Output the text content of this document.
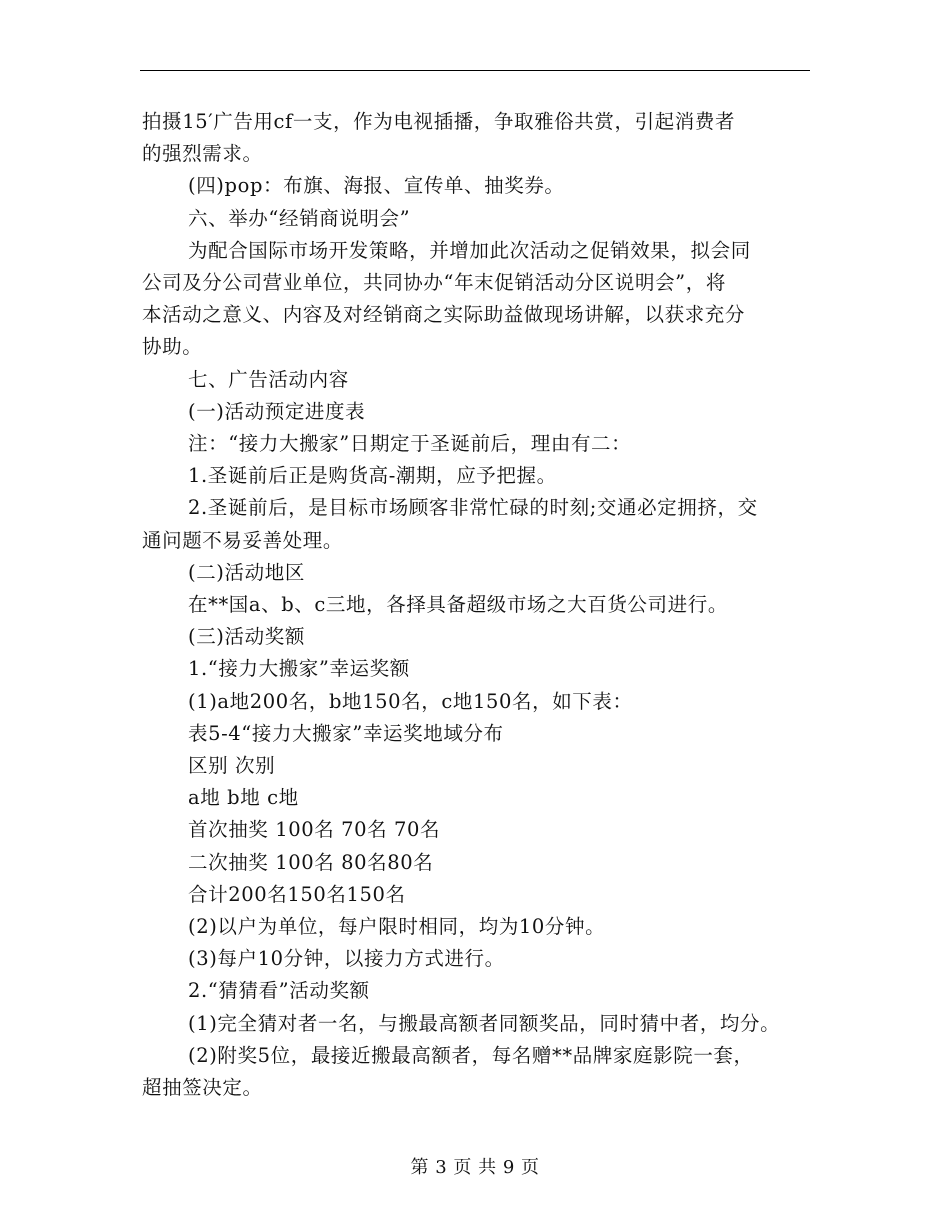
拍摄15′广告用cf一支，作为电视插播，争取雅俗共赏，引起消费者

的强烈需求。

(四)pop：布旗、海报、宣传单、抽奖券。

六、举办“经销商说明会”

为配合国际市场开发策略，并增加此次活动之促销效果，拟会同

公司及分公司营业单位，共同协办“年末促销活动分区说明会”，将

本活动之意义、内容及对经销商之实际助益做现场讲解，以获求充分

协助。

七、广告活动内容

(一)活动预定进度表

注：“接力大搬家”日期定于圣诞前后，理由有二：

1.圣诞前后正是购货高-潮期，应予把握。

2.圣诞前后，是目标市场顾客非常忙碌的时刻;交通必定拥挤，交

通问题不易妥善处理。

(二)活动地区

在**国a、b、c三地，各择具备超级市场之大百货公司进行。

(三)活动奖额

1.“接力大搬家”幸运奖额

(1)a地200名，b地150名，c地150名，如下表：

表5-4“接力大搬家”幸运奖地域分布

区别 次别

a地 b地 c地

首次抽奖 100名 70名 70名

二次抽奖 100名 80名80名

合计200名150名150名

(2)以户为单位，每户限时相同，均为10分钟。

(3)每户10分钟，以接力方式进行。

2.“猜猜看”活动奖额

(1)完全猜对者一名，与搬最高额者同额奖品，同时猜中者，均分。

(2)附奖5位，最接近搬最高额者，每名赠**品牌家庭影院一套，

超抽签决定。

第 3 页 共 9 页
